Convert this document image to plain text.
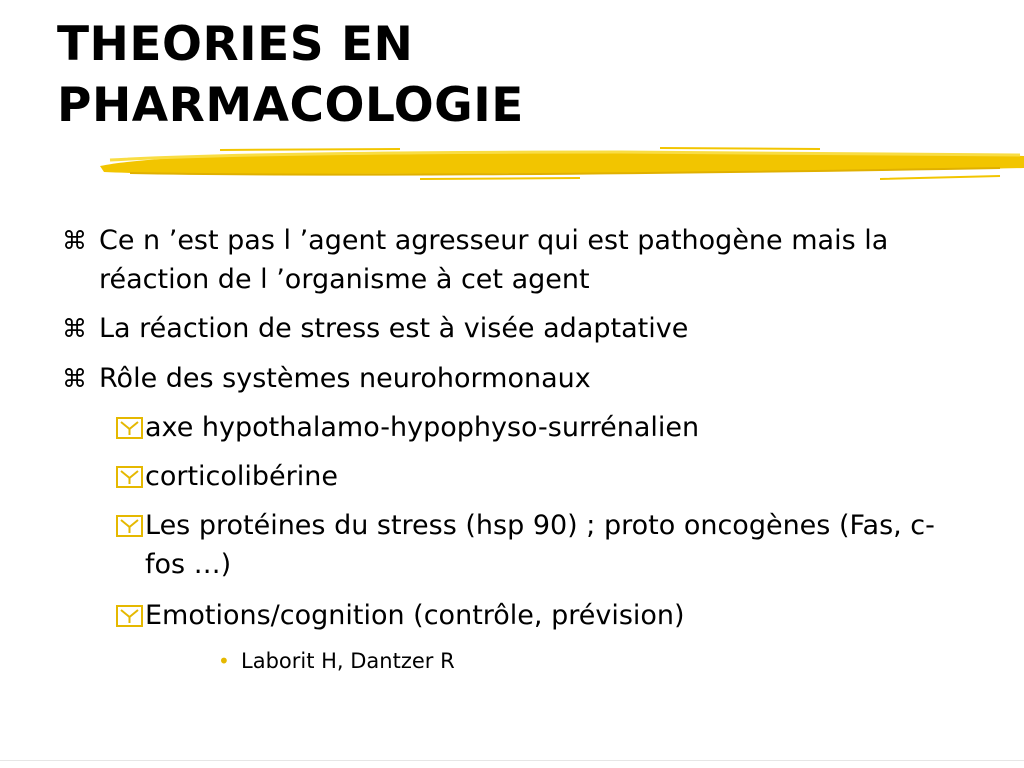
THEORIES EN
PHARMACOLOGIE
⌘ Ce n ’est pas l ’agent agresseur qui est pathogène mais la réaction de l ’organisme à cet agent
⌘ La réaction de stress est à visée adaptative
⌘ Rôle des systèmes neurohormonaux
axe hypothalamo-hypophyso-surrénalien
corticolibérine
Les protéines du stress (hsp 90) ; proto oncogènes (Fas, c-fos …)
Emotions/cognition (contrôle, prévision)
• Laborit H, Dantzer R
